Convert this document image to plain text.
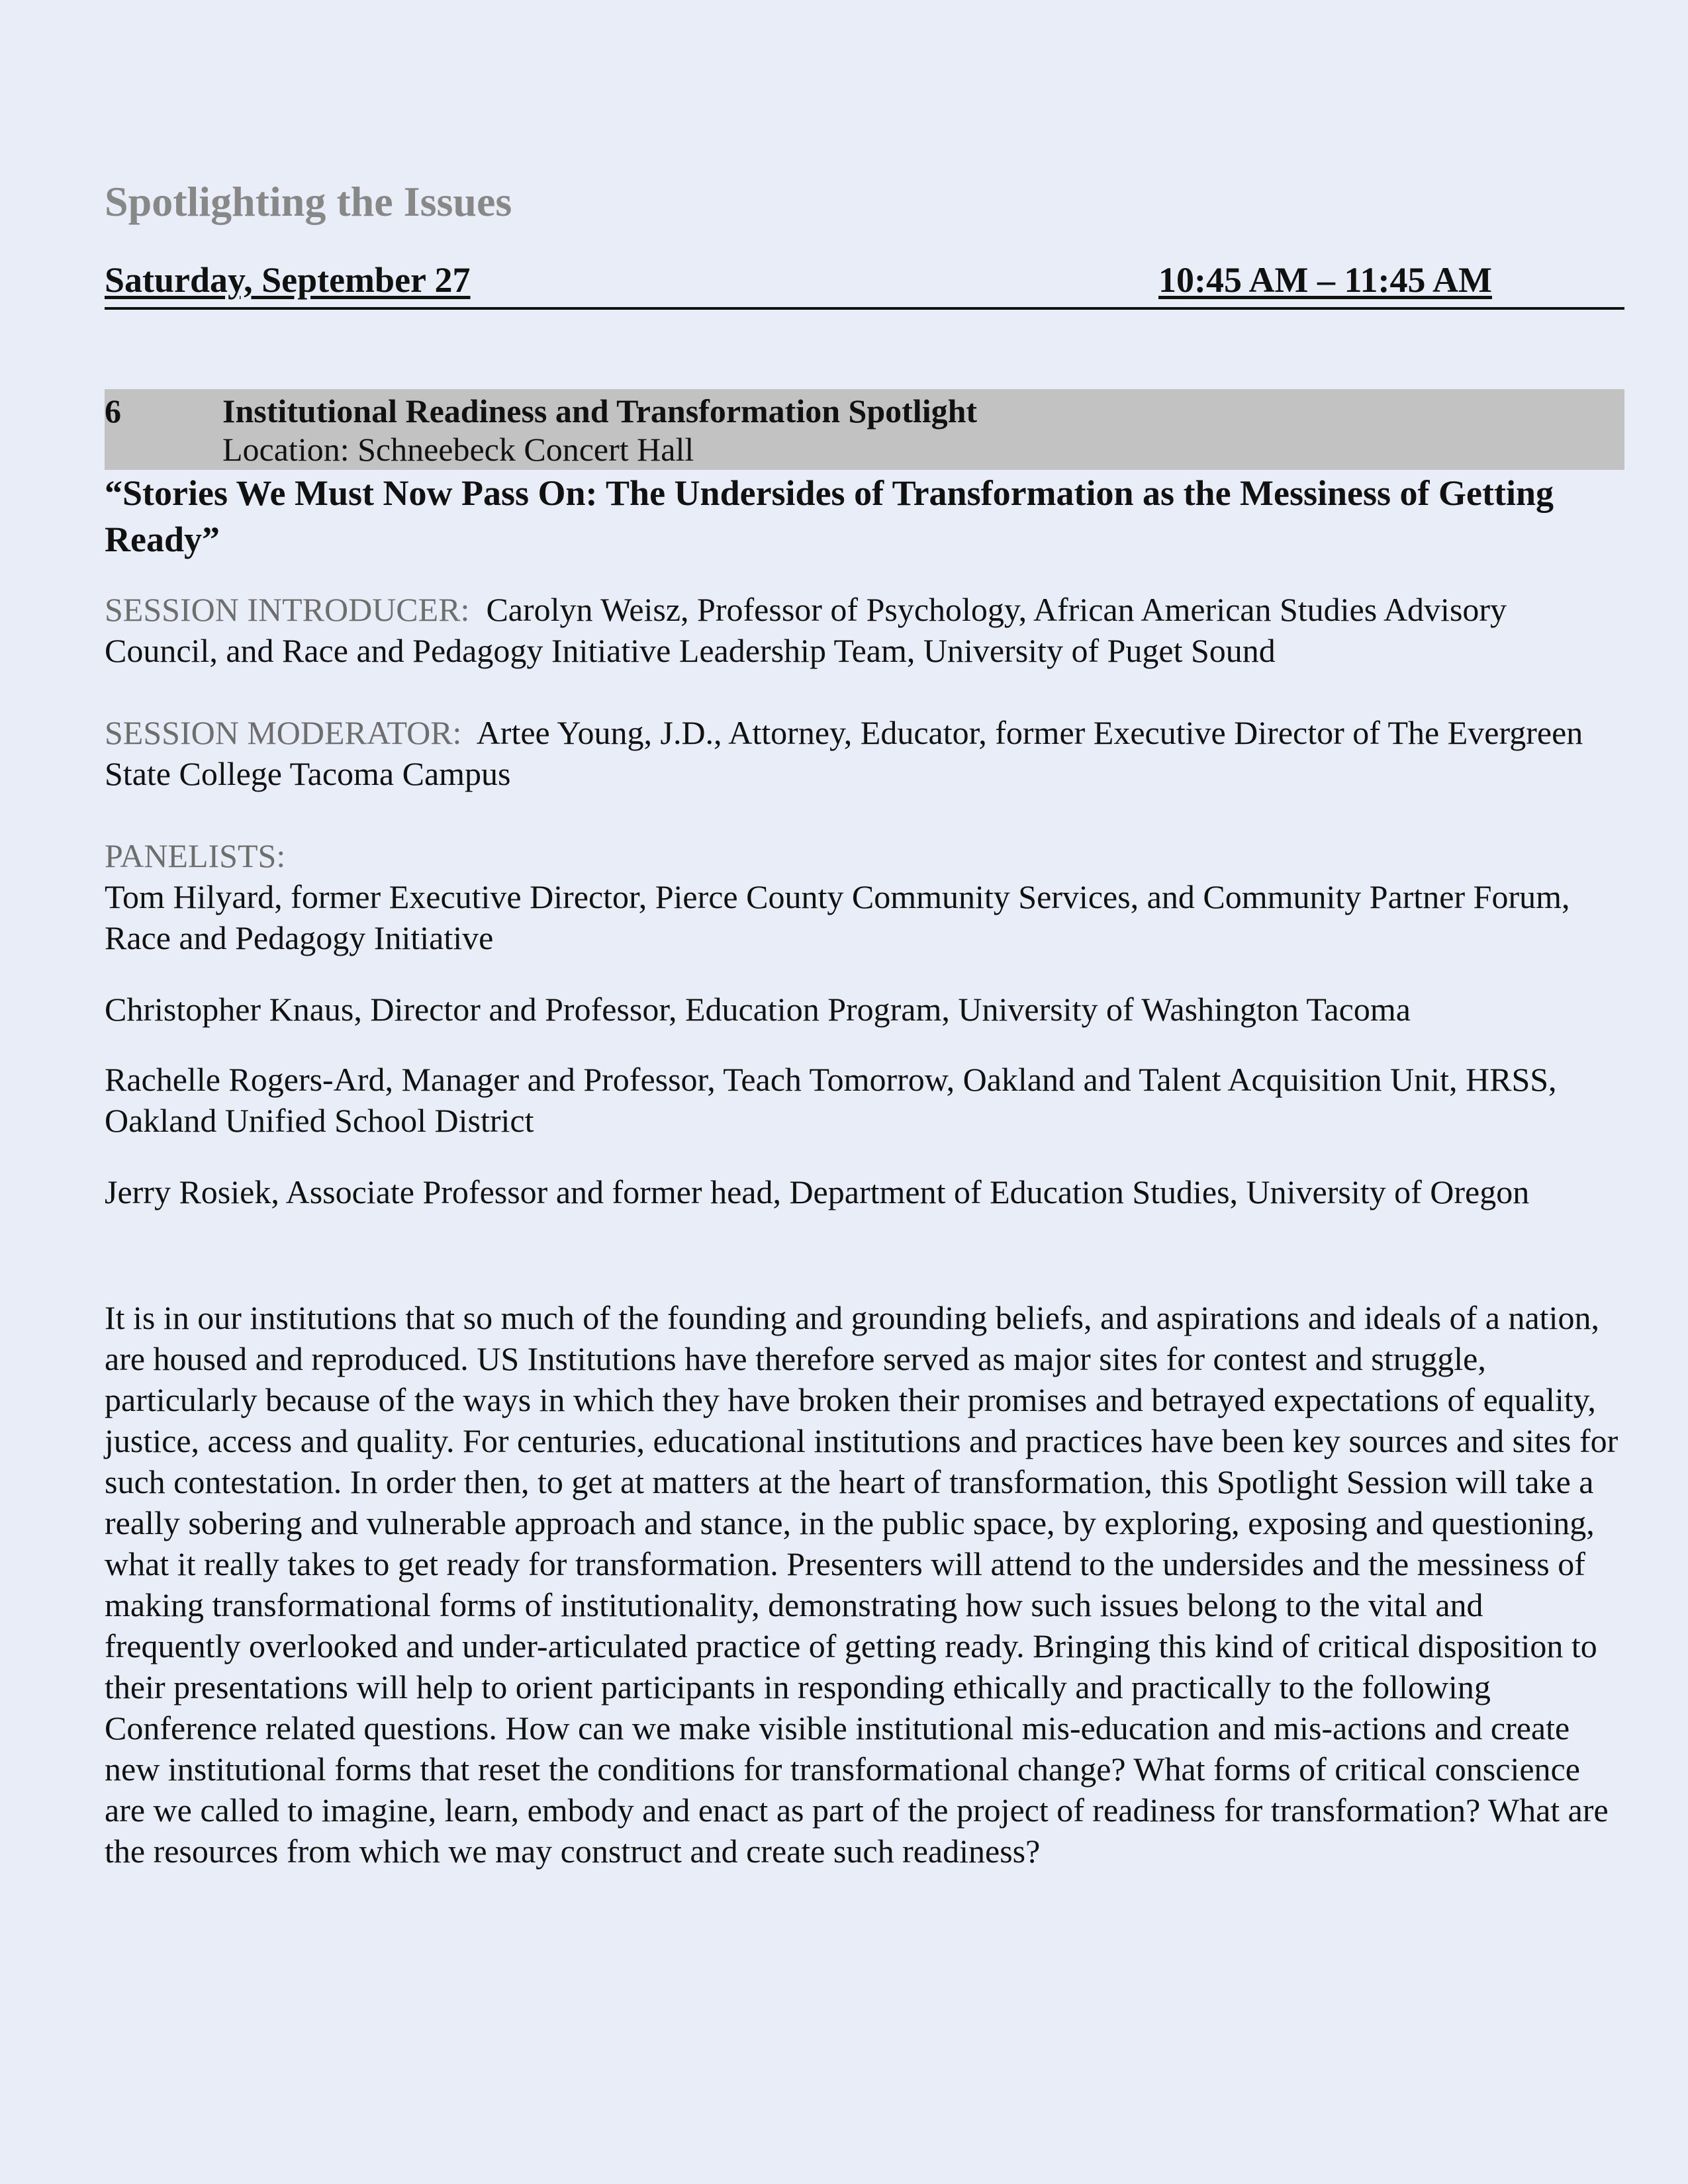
Spotlighting the Issues
Saturday, September 27	10:45 AM – 11:45 AM
6	Institutional Readiness and Transformation Spotlight
Location: Schneebeck Concert Hall
“Stories We Must Now Pass On: The Undersides of Transformation as the Messiness of Getting Ready”
SESSION INTRODUCER: Carolyn Weisz, Professor of Psychology, African American Studies Advisory Council, and Race and Pedagogy Initiative Leadership Team, University of Puget Sound
SESSION MODERATOR: Artee Young, J.D., Attorney, Educator, former Executive Director of The Evergreen State College Tacoma Campus
PANELISTS:
Tom Hilyard, former Executive Director, Pierce County Community Services, and Community Partner Forum, Race and Pedagogy Initiative
Christopher Knaus, Director and Professor, Education Program, University of Washington Tacoma
Rachelle Rogers-Ard, Manager and Professor, Teach Tomorrow, Oakland and Talent Acquisition Unit, HRSS, Oakland Unified School District
Jerry Rosiek, Associate Professor and former head, Department of Education Studies, University of Oregon
It is in our institutions that so much of the founding and grounding beliefs, and aspirations and ideals of a nation, are housed and reproduced. US Institutions have therefore served as major sites for contest and struggle, particularly because of the ways in which they have broken their promises and betrayed expectations of equality, justice, access and quality. For centuries, educational institutions and practices have been key sources and sites for such contestation. In order then, to get at matters at the heart of transformation, this Spotlight Session will take a really sobering and vulnerable approach and stance, in the public space, by exploring, exposing and questioning, what it really takes to get ready for transformation. Presenters will attend to the undersides and the messiness of making transformational forms of institutionality, demonstrating how such issues belong to the vital and frequently overlooked and under-articulated practice of getting ready. Bringing this kind of critical disposition to their presentations will help to orient participants in responding ethically and practically to the following Conference related questions. How can we make visible institutional mis-education and mis-actions and create new institutional forms that reset the conditions for transformational change? What forms of critical conscience are we called to imagine, learn, embody and enact as part of the project of readiness for transformation? What are the resources from which we may construct and create such readiness?
